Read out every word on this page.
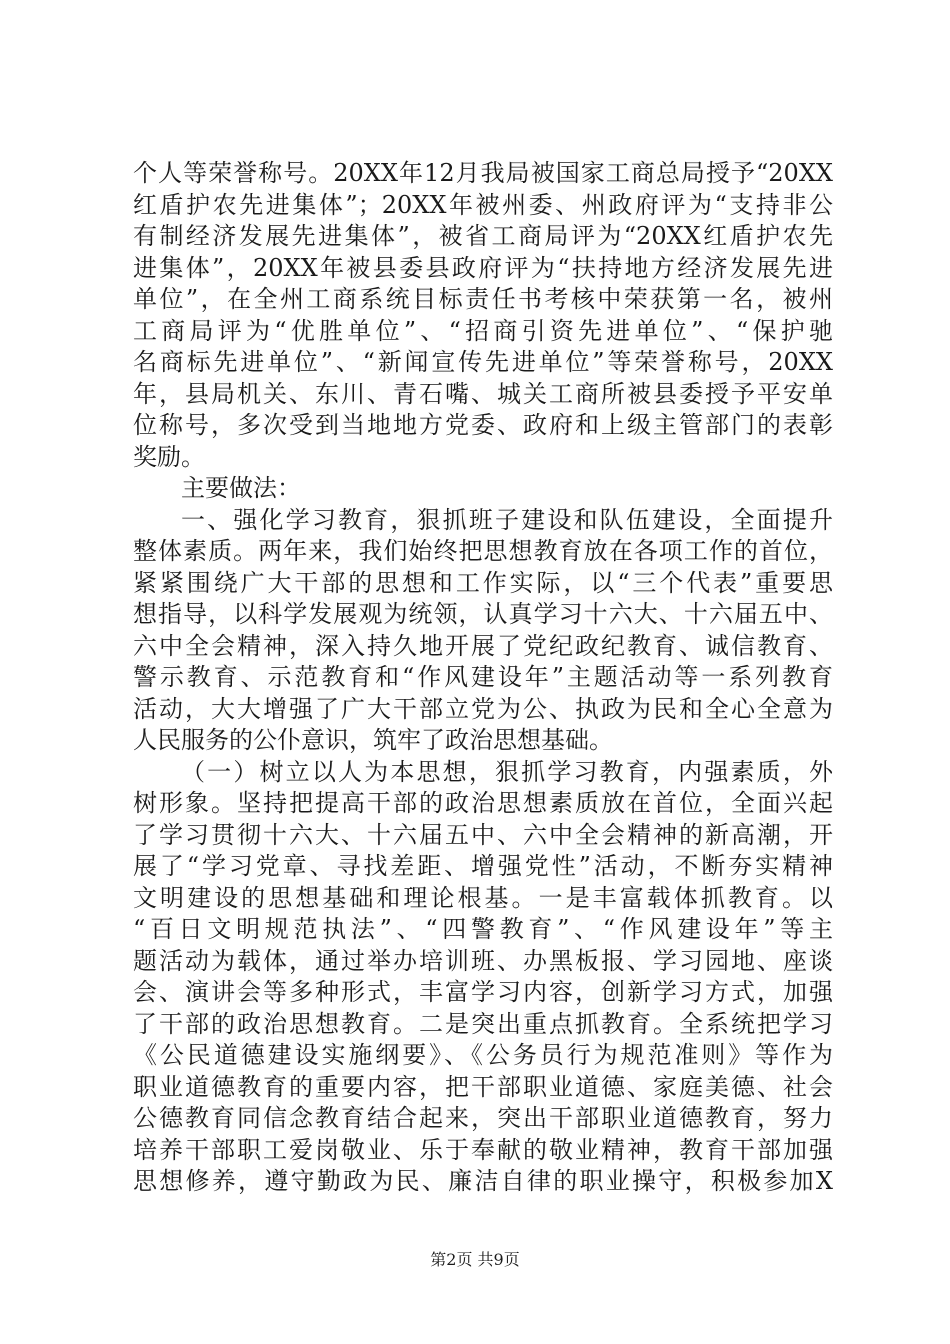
个人等荣誉称号。20XX年12月我局被国家工商总局授予“20XX
红盾护农先进集体”；20XX年被州委、州政府评为“支持非公
有制经济发展先进集体”，被省工商局评为“20XX红盾护农先
进集体”，20XX年被县委县政府评为“扶持地方经济发展先进
单位”，在全州工商系统目标责任书考核中荣获第一名，被州
工商局评为“优胜单位”、“招商引资先进单位”、“保护驰
名商标先进单位”、“新闻宣传先进单位”等荣誉称号，20XX
年，县局机关、东川、青石嘴、城关工商所被县委授予平安单
位称号，多次受到当地地方党委、政府和上级主管部门的表彰
奖励。
主要做法：
一、强化学习教育，狠抓班子建设和队伍建设，全面提升
整体素质。两年来，我们始终把思想教育放在各项工作的首位，
紧紧围绕广大干部的思想和工作实际，以“三个代表”重要思
想指导，以科学发展观为统领，认真学习十六大、十六届五中、
六中全会精神，深入持久地开展了党纪政纪教育、诚信教育、
警示教育、示范教育和“作风建设年”主题活动等一系列教育
活动，大大增强了广大干部立党为公、执政为民和全心全意为
人民服务的公仆意识，筑牢了政治思想基础。
（一）树立以人为本思想，狠抓学习教育，内强素质，外
树形象。坚持把提高干部的政治思想素质放在首位，全面兴起
了学习贯彻十六大、十六届五中、六中全会精神的新高潮，开
展了“学习党章、寻找差距、增强党性”活动，不断夯实精神
文明建设的思想基础和理论根基。一是丰富载体抓教育。以
“百日文明规范执法”、“四警教育”、“作风建设年”等主
题活动为载体，通过举办培训班、办黑板报、学习园地、座谈
会、演讲会等多种形式，丰富学习内容，创新学习方式，加强
了干部的政治思想教育。二是突出重点抓教育。全系统把学习
《公民道德建设实施纲要》、《公务员行为规范准则》等作为
职业道德教育的重要内容，把干部职业道德、家庭美德、社会
公德教育同信念教育结合起来，突出干部职业道德教育，努力
培养干部职工爱岗敬业、乐于奉献的敬业精神，教育干部加强
思想修养，遵守勤政为民、廉洁自律的职业操守，积极参加X
第2页 共9页
